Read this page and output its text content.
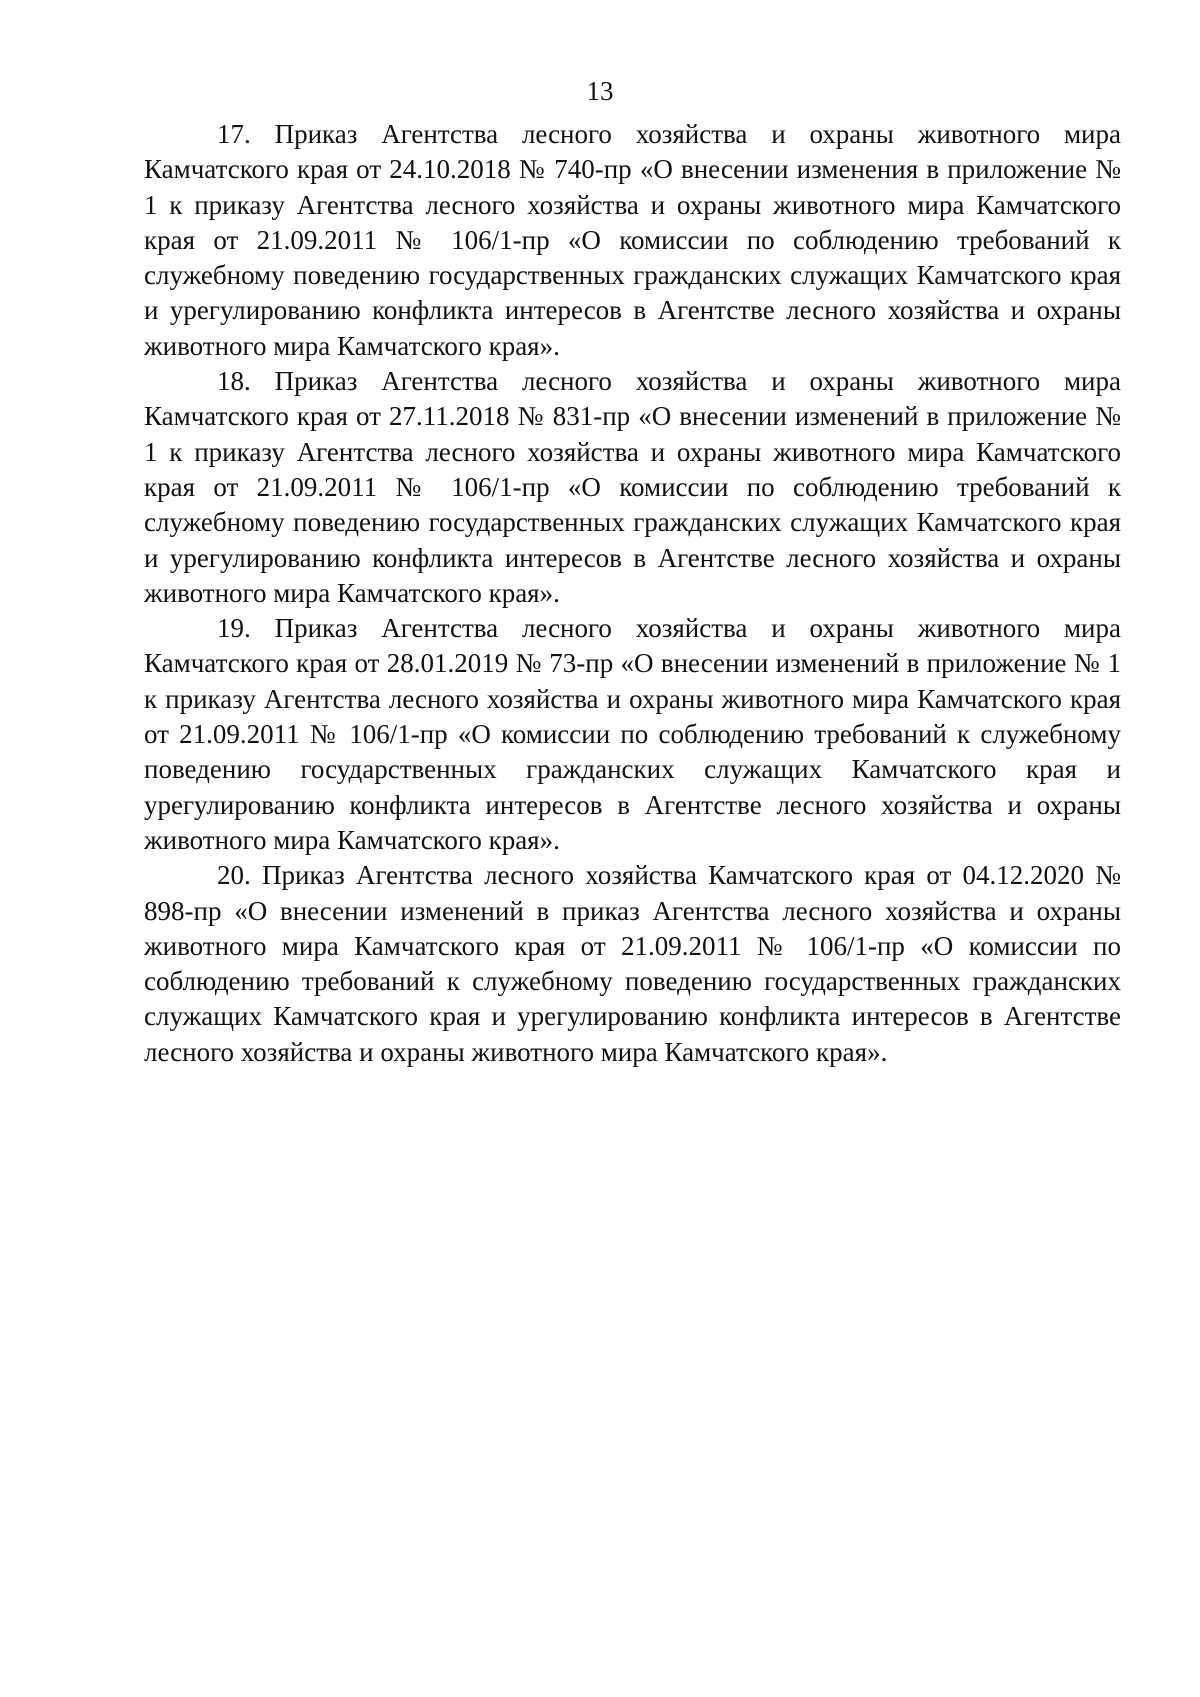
13

17. Приказ Агентства лесного хозяйства и охраны животного мира Камчатского края от 24.10.2018 № 740-пр «О внесении изменения в приложение № 1 к приказу Агентства лесного хозяйства и охраны животного мира Камчатского края от 21.09.2011 № 106/1-пр «О комиссии по соблюдению требований к служебному поведению государственных гражданских служащих Камчатского края и урегулированию конфликта интересов в Агентстве лесного хозяйства и охраны животного мира Камчатского края».

18. Приказ Агентства лесного хозяйства и охраны животного мира Камчатского края от 27.11.2018 № 831-пр «О внесении изменений в приложение № 1 к приказу Агентства лесного хозяйства и охраны животного мира Камчатского края от 21.09.2011 № 106/1-пр «О комиссии по соблюдению требований к служебному поведению государственных гражданских служащих Камчатского края и урегулированию конфликта интересов в Агентстве лесного хозяйства и охраны животного мира Камчатского края».

19. Приказ Агентства лесного хозяйства и охраны животного мира Камчатского края от 28.01.2019 № 73-пр «О внесении изменений в приложение № 1 к приказу Агентства лесного хозяйства и охраны животного мира Камчатского края от 21.09.2011 № 106/1-пр «О комиссии по соблюдению требований к служебному поведению государственных гражданских служащих Камчатского края и урегулированию конфликта интересов в Агентстве лесного хозяйства и охраны животного мира Камчатского края».

20. Приказ Агентства лесного хозяйства Камчатского края от 04.12.2020 № 898-пр «О внесении изменений в приказ Агентства лесного хозяйства и охраны животного мира Камчатского края от 21.09.2011 № 106/1-пр «О комиссии по соблюдению требований к служебному поведению государственных гражданских служащих Камчатского края и урегулированию конфликта интересов в Агентстве лесного хозяйства и охраны животного мира Камчатского края».
